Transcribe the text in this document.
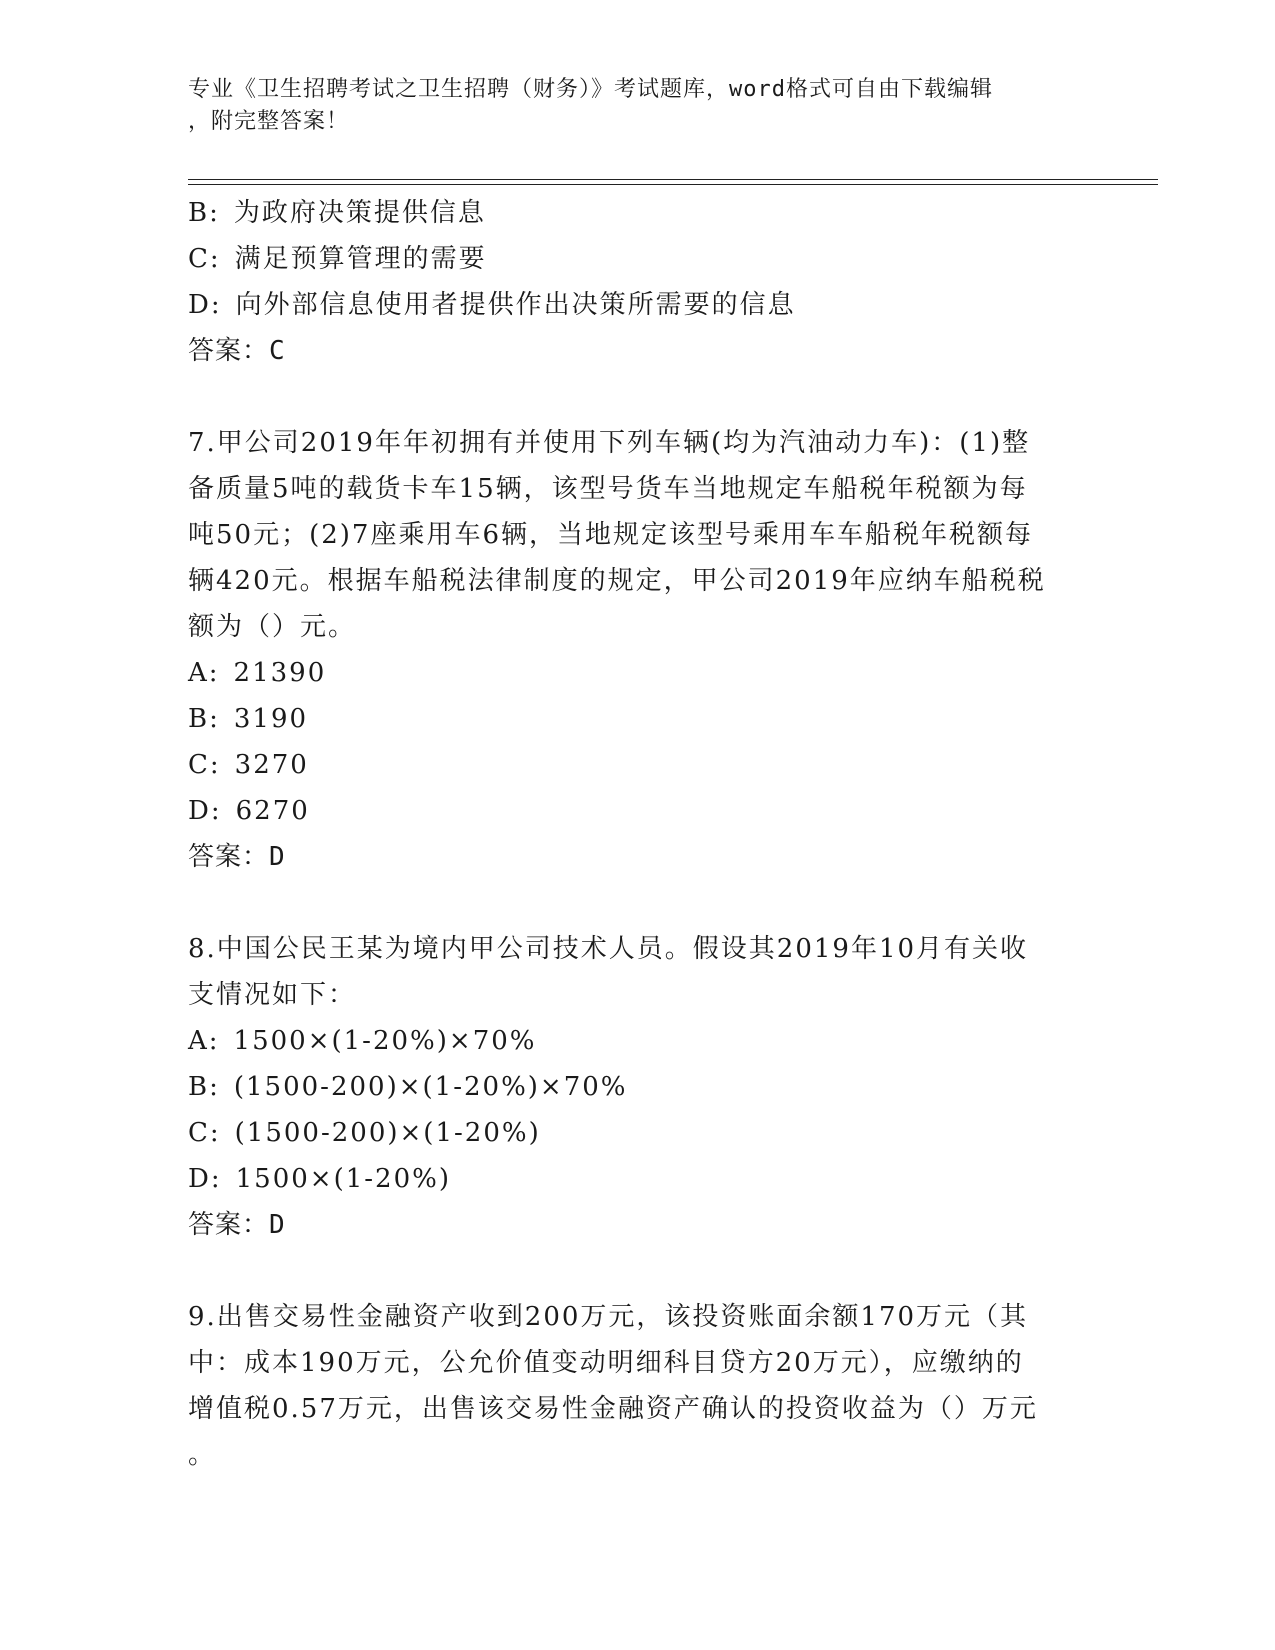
专业《卫生招聘考试之卫生招聘（财务）》考试题库，word格式可自由下载编辑
，附完整答案！
B: 为政府决策提供信息
C: 满足预算管理的需要
D: 向外部信息使用者提供作出决策所需要的信息
答案：C
7.甲公司2019年年初拥有并使用下列车辆(均为汽油动力车)：(1)整
备质量5吨的载货卡车15辆，该型号货车当地规定车船税年税额为每
吨50元；(2)7座乘用车6辆，当地规定该型号乘用车车船税年税额每
辆420元。根据车船税法律制度的规定，甲公司2019年应纳车船税税
额为（）元。
A: 21390
B: 3190
C: 3270
D: 6270
答案：D
8.中国公民王某为境内甲公司技术人员。假设其2019年10月有关收
支情况如下：
A: 1500×(1-20%)×70%
B: (1500-200)×(1-20%)×70%
C: (1500-200)×(1-20%)
D: 1500×(1-20%)
答案：D
9.出售交易性金融资产收到200万元，该投资账面余额170万元（其
中：成本190万元，公允价值变动明细科目贷方20万元），应缴纳的
增值税0.57万元，出售该交易性金融资产确认的投资收益为（）万元
。
